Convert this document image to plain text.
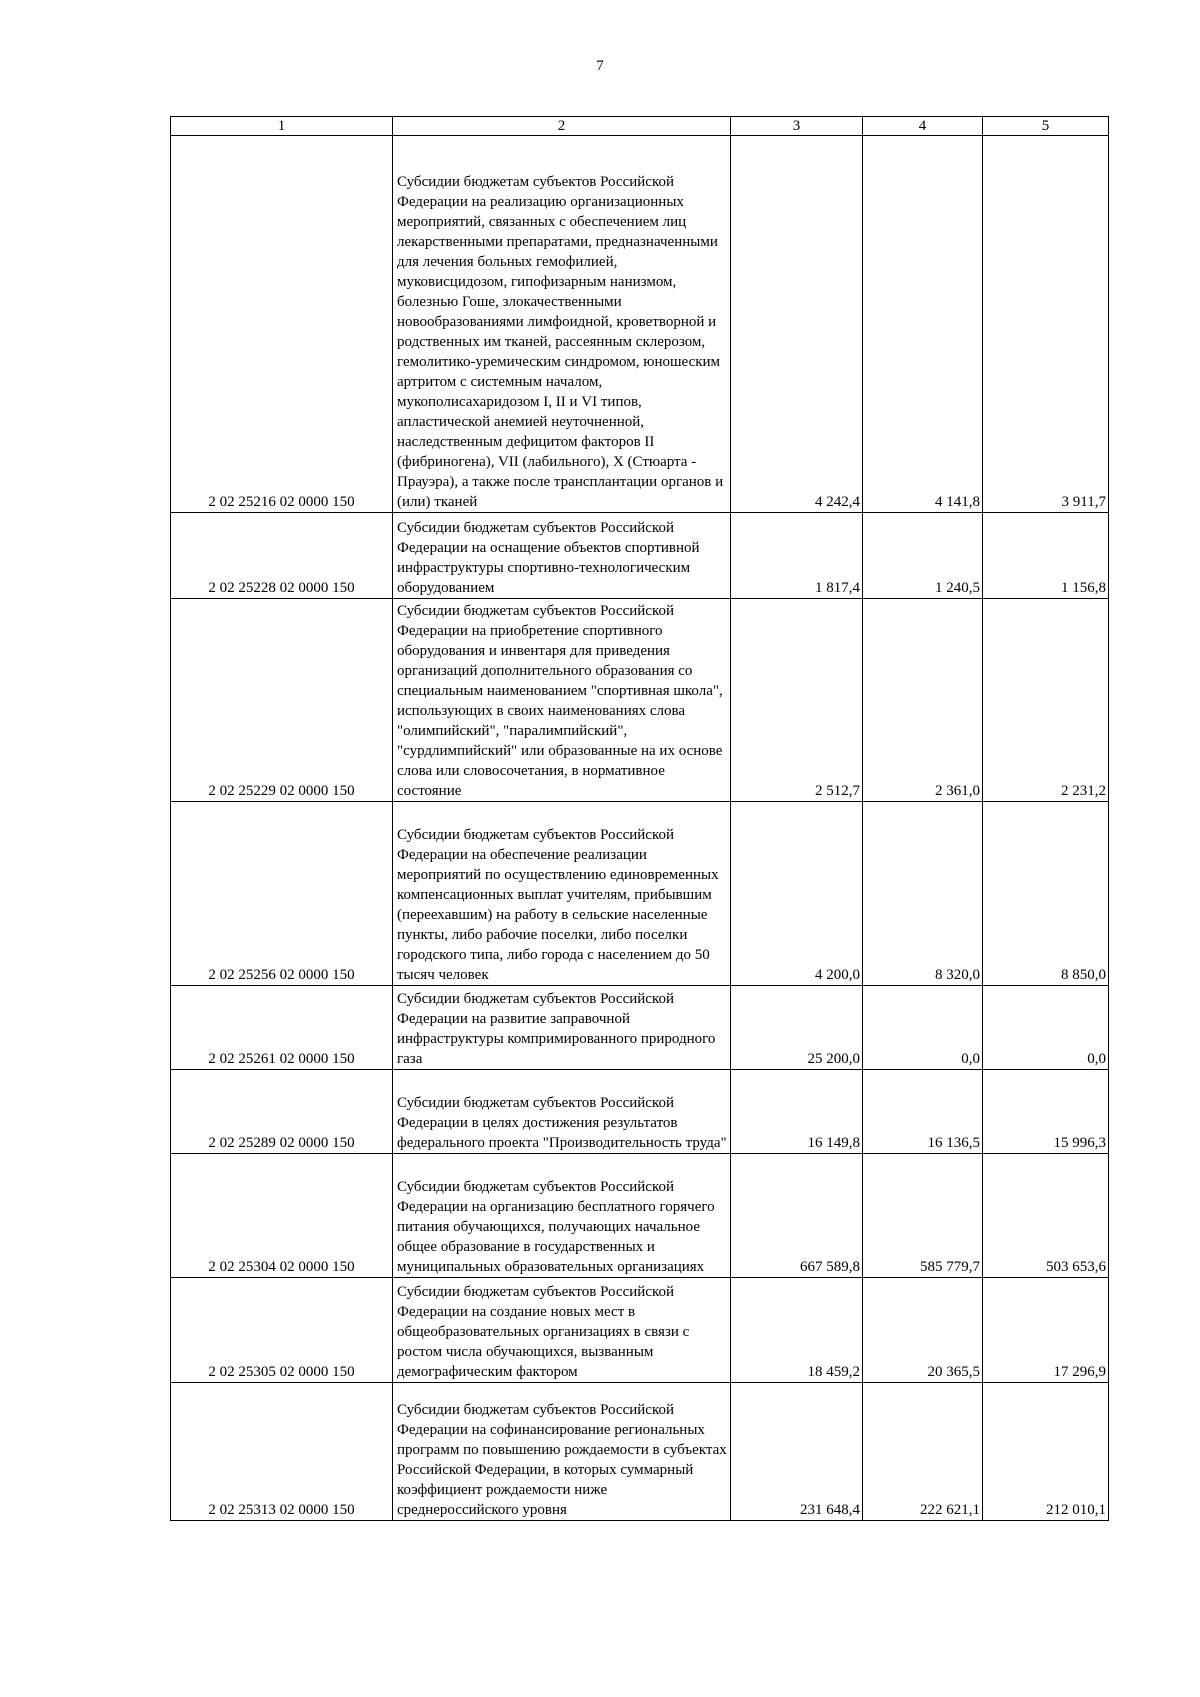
7
1	2	3	4	5
2 02 25216 02 0000 150	Субсидии бюджетам субъектов Российской Федерации на реализацию организационных мероприятий, связанных с обеспечением лиц лекарственными препаратами, предназначенными для лечения больных гемофилией, муковисцидозом, гипофизарным нанизмом, болезнью Гоше, злокачественными новообразованиями лимфоидной, кроветворной и родственных им тканей, рассеянным склерозом, гемолитико-уремическим синдромом, юношеским артритом с системным началом, мукополисахаридозом I, II и VI типов, апластической анемией неуточненной, наследственным дефицитом факторов II (фибриногена), VII (лабильного), X (Стюарта - Прауэра), а также после трансплантации органов и (или) тканей	4 242,4	4 141,8	3 911,7
2 02 25228 02 0000 150	Субсидии бюджетам субъектов Российской Федерации на оснащение объектов спортивной инфраструктуры спортивно-технологическим оборудованием	1 817,4	1 240,5	1 156,8
2 02 25229 02 0000 150	Субсидии бюджетам субъектов Российской Федерации на приобретение спортивного оборудования и инвентаря для приведения организаций дополнительного образования со специальным наименованием "спортивная школа", использующих в своих наименованиях слова "олимпийский", "паралимпийский", "сурдлимпийский" или образованные на их основе слова или словосочетания, в нормативное состояние	2 512,7	2 361,0	2 231,2
2 02 25256 02 0000 150	Субсидии бюджетам субъектов Российской Федерации на обеспечение реализации мероприятий по осуществлению единовременных компенсационных выплат учителям, прибывшим (переехавшим) на работу в сельские населенные пункты, либо рабочие поселки, либо поселки городского типа, либо города с населением до 50 тысяч человек	4 200,0	8 320,0	8 850,0
2 02 25261 02 0000 150	Субсидии бюджетам субъектов Российской Федерации на развитие заправочной инфраструктуры компримированного природного газа	25 200,0	0,0	0,0
2 02 25289 02 0000 150	Субсидии бюджетам субъектов Российской Федерации в целях достижения результатов федерального проекта "Производительность труда"	16 149,8	16 136,5	15 996,3
2 02 25304 02 0000 150	Субсидии бюджетам субъектов Российской Федерации на организацию бесплатного горячего питания обучающихся, получающих начальное общее образование в государственных и муниципальных образовательных организациях	667 589,8	585 779,7	503 653,6
2 02 25305 02 0000 150	Субсидии бюджетам субъектов Российской Федерации на создание новых мест в общеобразовательных организациях в связи с ростом числа обучающихся, вызванным демографическим фактором	18 459,2	20 365,5	17 296,9
2 02 25313 02 0000 150	Субсидии бюджетам субъектов Российской Федерации на софинансирование региональных программ по повышению рождаемости в субъектах Российской Федерации, в которых суммарный коэффициент рождаемости ниже среднероссийского уровня	231 648,4	222 621,1	212 010,1
